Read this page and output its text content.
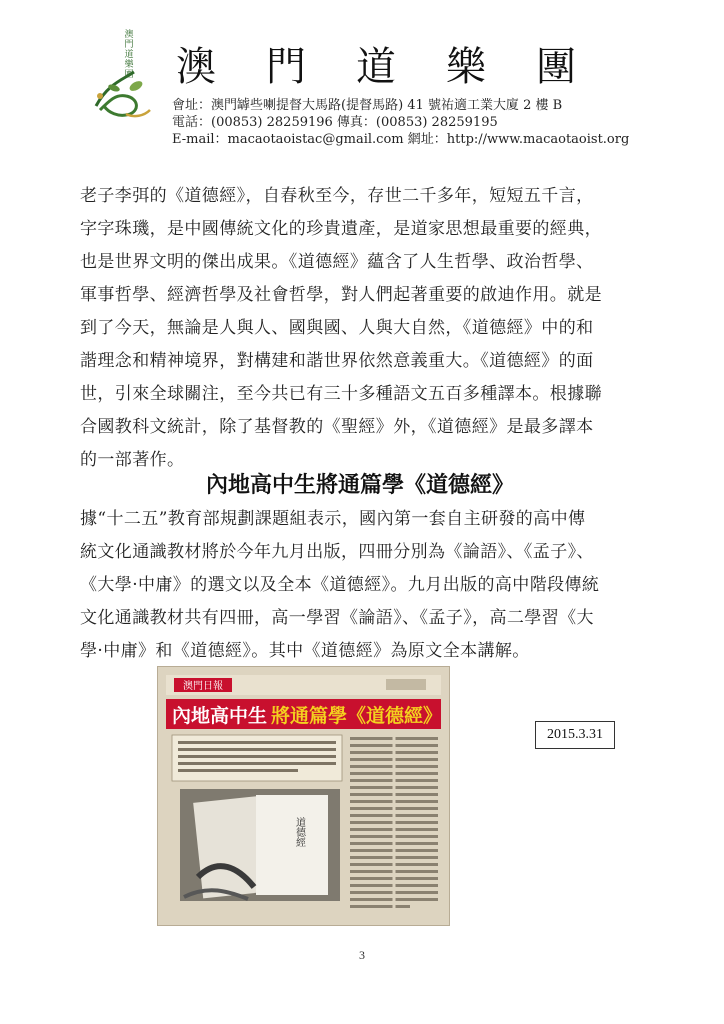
澳門道樂團 澳 門 道 樂 團
會址：澳門罅些喇提督大馬路(提督馬路) 41 號祐適工業大廈 2 樓 B
電話：(00853) 28259196 傳真：(00853) 28259195
E-mail：macaotaoistac@gmail.com 網址：http://www.macaotaoist.org
老子李弭的《道德經》，自春秋至今，存世二千多年，短短五千言，
字字珠璣，是中國傳統文化的珍貴遺產，是道家思想最重要的經典，
也是世界文明的傑出成果。《道德經》蘊含了人生哲學、政治哲學、
軍事哲學、經濟哲學及社會哲學，對人們起著重要的啟迪作用。就是
到了今天，無論是人與人、國與國、人與大自然，《道德經》中的和
諧理念和精神境界，對構建和諧世界依然意義重大。《道德經》的面
世，引來全球關注，至今共已有三十多種語文五百多種譯本。根據聯
合國教科文統計，除了基督教的《聖經》外，《道德經》是最多譯本
的一部著作。
內地高中生將通篇學《道德經》
據“十二五”教育部規劃課題組表示，國內第一套自主研發的高中傳
統文化通識教材將於今年九月出版，四冊分別為《論語》、《孟子》、
《大學·中庸》的選文以及全本《道德經》。九月出版的高中階段傳統
文化通識教材共有四冊，高一學習《論語》、《孟子》，高二學習《大
學·中庸》和《道德經》。其中《道德經》為原文全本講解。
澳門日報
內地高中生 將通篇學《道德經》
道德經
2015.3.31
3
